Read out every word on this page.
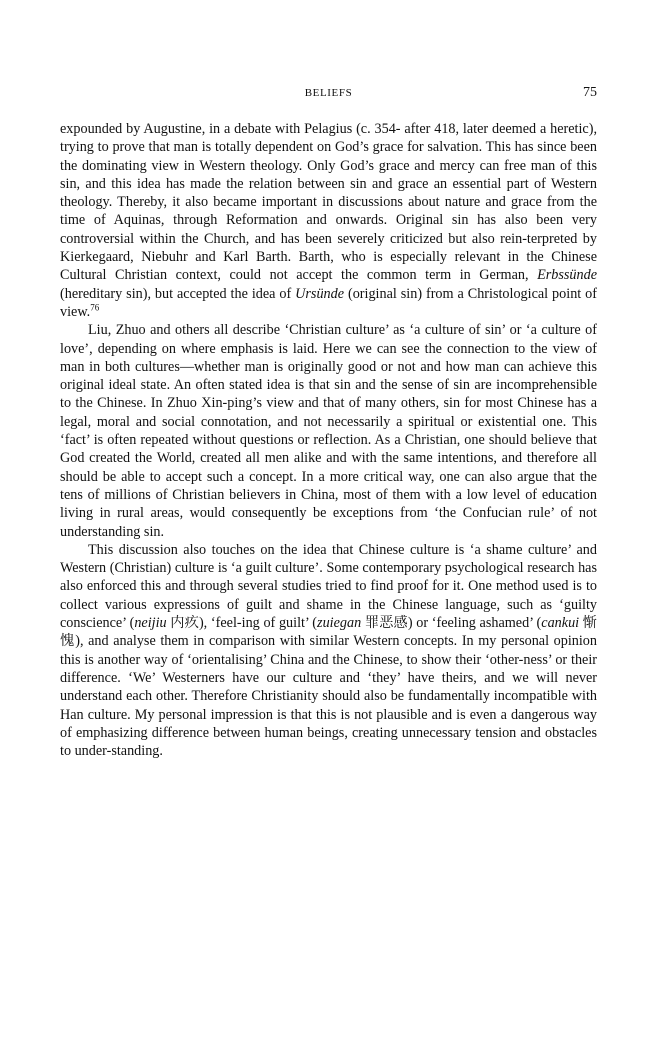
BELIEFS	75

expounded by Augustine, in a debate with Pelagius (c. 354- after 418, later deemed a heretic), trying to prove that man is totally dependent on God’s grace for salvation. This has since been the dominating view in Western theology. Only God’s grace and mercy can free man of this sin, and this idea has made the relation between sin and grace an essential part of Western theology. Thereby, it also became important in discussions about nature and grace from the time of Aquinas, through Reformation and onwards. Original sin has also been very controversial within the Church, and has been severely criticized but also rein-terpreted by Kierkegaard, Niebuhr and Karl Barth. Barth, who is especially relevant in the Chinese Cultural Christian context, could not accept the common term in German, Erbssünde (hereditary sin), but accepted the idea of Ursünde (original sin) from a Christological point of view.$^{76}$

Liu, Zhuo and others all describe ‘Christian culture’ as ‘a culture of sin’ or ‘a culture of love’, depending on where emphasis is laid. Here we can see the connection to the view of man in both cultures—whether man is originally good or not and how man can achieve this original ideal state. An often stated idea is that sin and the sense of sin are incomprehensible to the Chinese. In Zhuo Xin-ping’s view and that of many others, sin for most Chinese has a legal, moral and social connotation, and not necessarily a spiritual or existential one. This ‘fact’ is often repeated without questions or reflection. As a Christian, one should believe that God created the World, created all men alike and with the same intentions, and therefore all should be able to accept such a concept. In a more critical way, one can also argue that the tens of millions of Christian believers in China, most of them with a low level of education living in rural areas, would consequently be exceptions from ‘the Confucian rule’ of not understanding sin.

This discussion also touches on the idea that Chinese culture is ‘a shame culture’ and Western (Christian) culture is ‘a guilt culture’. Some contemporary psychological research has also enforced this and through several studies tried to find proof for it. One method used is to collect various expressions of guilt and shame in the Chinese language, such as ‘guilty conscience’ (neijiu 内疚), ‘feel-ing of guilt’ (zuiegan 罪恶感) or ‘feeling ashamed’ (cankui 惭愧), and analyse them in comparison with similar Western concepts. In my personal opinion this is another way of ‘orientalising’ China and the Chinese, to show their ‘other-ness’ or their difference. ‘We’ Westerners have our culture and ‘they’ have theirs, and we will never understand each other. Therefore Christianity should also be fundamentally incompatible with Han culture. My personal impression is that this is not plausible and is even a dangerous way of emphasizing difference between human beings, creating unnecessary tension and obstacles to under-standing.
